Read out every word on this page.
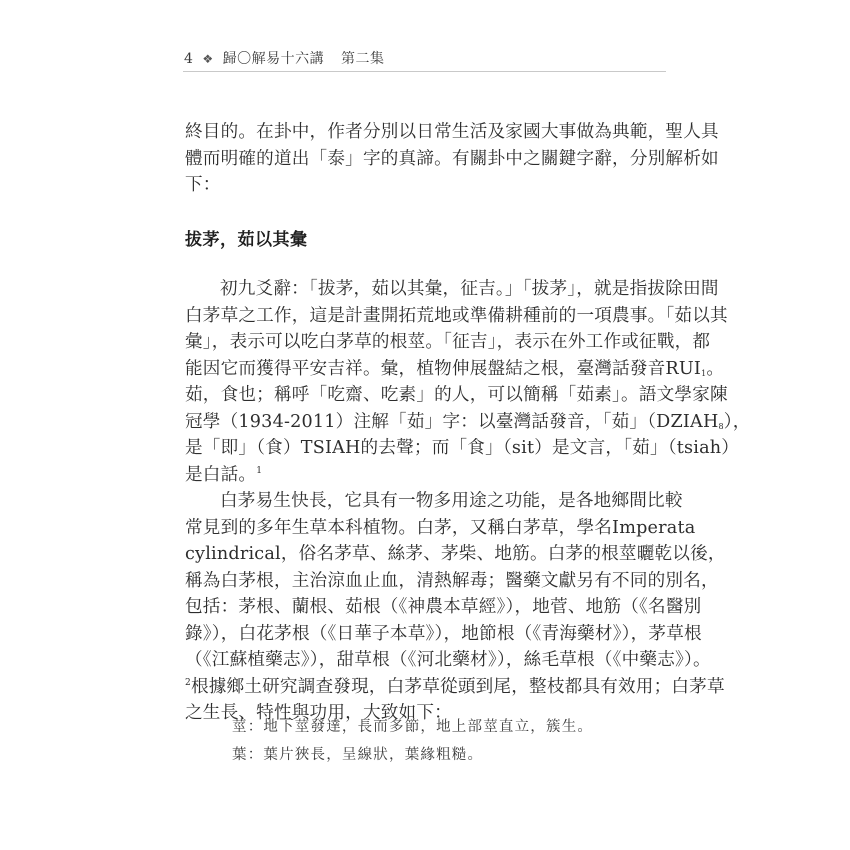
4 ❖ 歸〇解易十六講 第二集
終目的。在卦中，作者分別以日常生活及家國大事做為典範，聖人具
體而明確的道出「泰」字的真諦。有關卦中之關鍵字辭，分別解析如
下：
拔茅，茹以其彙
初九爻辭：「拔茅，茹以其彙，征吉。」「拔茅」，就是指拔除田間
白茅草之工作，這是計畫開拓荒地或準備耕種前的一項農事。「茹以其
彙」，表示可以吃白茅草的根莖。「征吉」，表示在外工作或征戰，都
能因它而獲得平安吉祥。彙，植物伸展盤結之根，臺灣話發音$RUI_1$。
茹，食也；稱呼「吃齋、吃素」的人，可以簡稱「茹素」。語文學家陳
冠學（1934-2011）注解「茹」字：以臺灣話發音，「茹」$(DZIAH_8)$，
是「即」（食）TSIAH的去聲；而「食」（sit）是文言，「茹」（tsiah）
是白話。$^1$
白茅易生快長，它具有一物多用途之功能，是各地鄉間比較
常見到的多年生草本科植物。白茅，又稱白茅草，學名Imperata
cylindrical，俗名茅草、絲茅、茅柴、地筋。白茅的根莖曬乾以後，
稱為白茅根，主治涼血止血，清熱解毒；醫藥文獻另有不同的別名，
包括：茅根、蘭根、茹根（《神農本草經》），地菅、地筋（《名醫別
錄》），白花茅根（《日華子本草》），地節根（《青海藥材》），茅草根
（《江蘇植藥志》），甜草根（《河北藥材》），絲毛草根（《中藥志》）。
$^2$根據鄉土研究調查發現，白茅草從頭到尾，整枝都具有效用；白茅草
之生長、特性與功用，大致如下：
莖：地下莖發達，長而多節，地上部莖直立，簇生。
葉：葉片狹長，呈線狀，葉緣粗糙。
